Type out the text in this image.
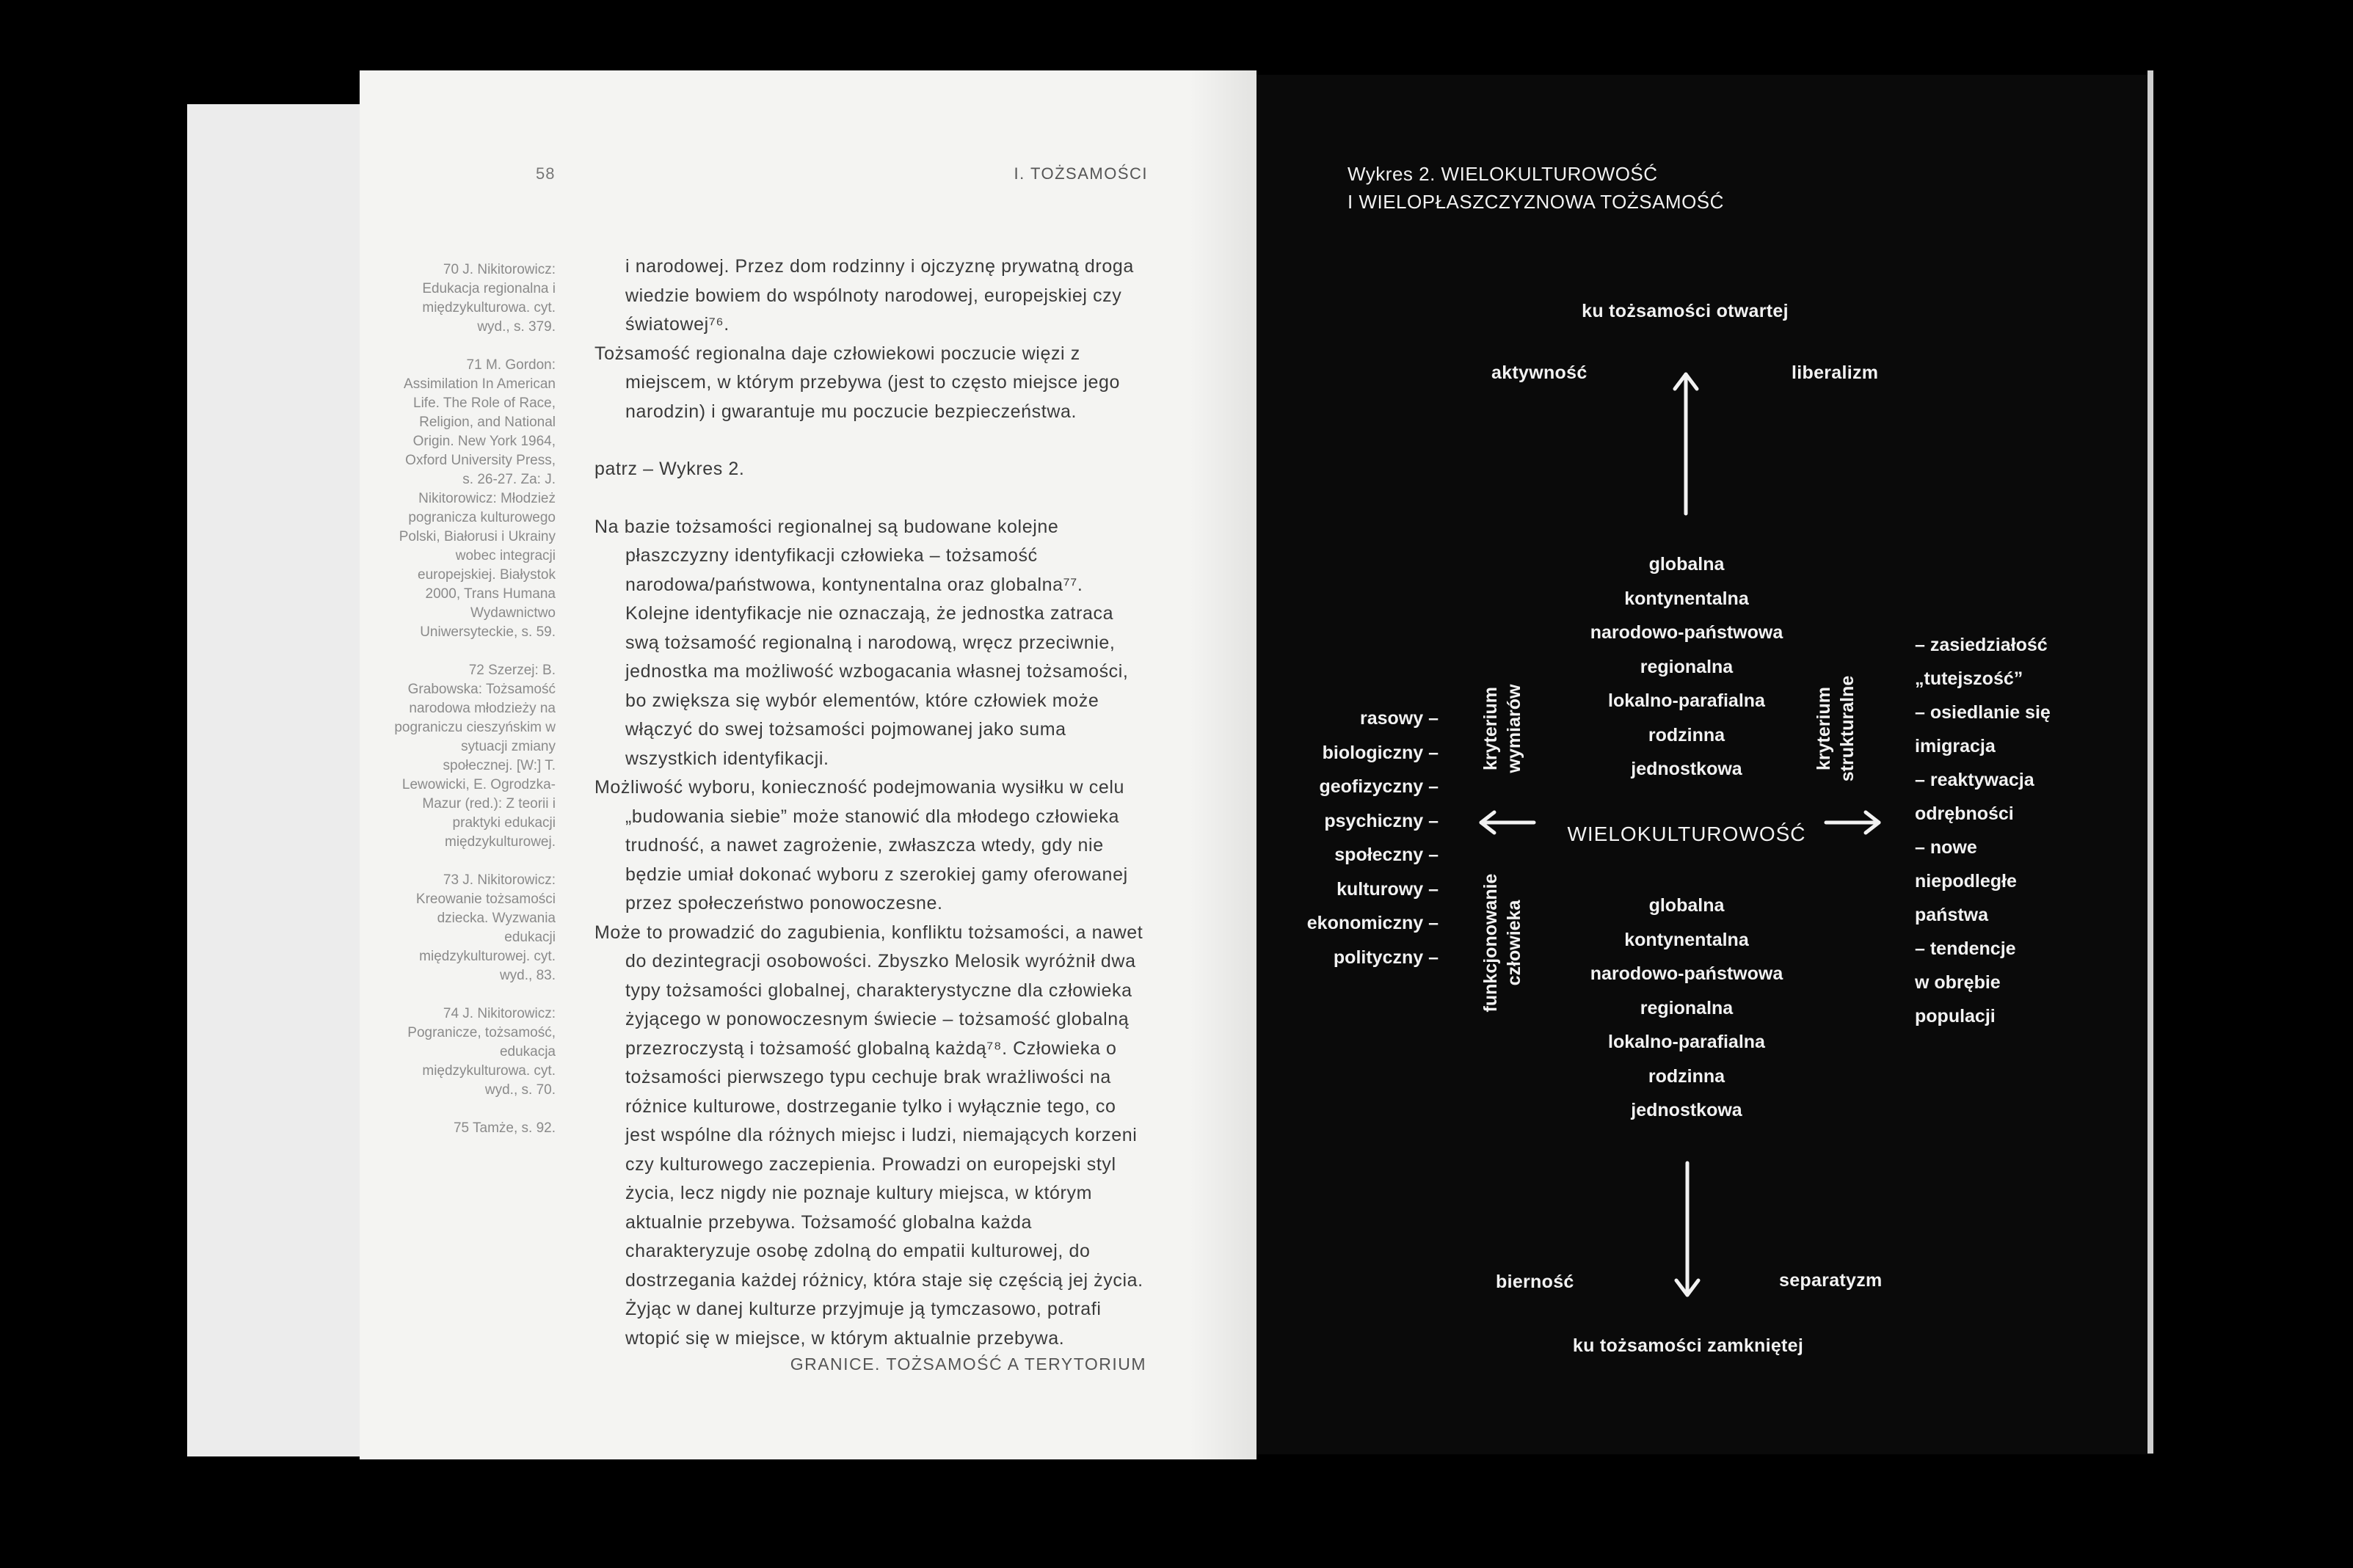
58	I. TOŻSAMOŚCI
70 J. Nikitorowicz: Edukacja regionalna i międzykulturowa. cyt. wyd., s. 379.
71 M. Gordon: Assimilation In American Life. The Role of Race, Religion, and National Origin. New York 1964, Oxford University Press, s. 26-27. Za: J. Nikitorowicz: Młodzież pogranicza kulturowego Polski, Białorusi i Ukrainy wobec integracji europejskiej. Białystok 2000, Trans Humana Wydawnictwo Uniwersyteckie, s. 59.
72 Szerzej: B. Grabowska: Tożsamość narodowa młodzieży na pograniczu cieszyńskim w sytuacji zmiany społecznej. [W:] T. Lewowicki, E. Ogrodzka-Mazur (red.): Z teorii i praktyki edukacji międzykulturowej.
73 J. Nikitorowicz: Kreowanie tożsamości dziecka. Wyzwania edukacji międzykulturowej. cyt. wyd., 83.
74 J. Nikitorowicz: Pogranicze, tożsamość, edukacja międzykulturowa. cyt. wyd., s. 70.
75 Tamże, s. 92.

i narodowej. Przez dom rodzinny i ojczyznę prywatną droga wiedzie bowiem do wspólnoty narodowej, europejskiej czy światowej⁷⁶.

Tożsamość regionalna daje człowiekowi poczucie więzi z miejscem, w którym przebywa (jest to często miejsce jego narodzin) i gwarantuje mu poczucie bezpieczeństwa.

patrz – Wykres 2.

Na bazie tożsamości regionalnej są budowane kolejne płaszczyzny identyfikacji człowieka – tożsamość narodowa/państwowa, kontynentalna oraz globalna⁷⁷. Kolejne identyfikacje nie oznaczają, że jednostka zatraca swą tożsamość regionalną i narodową, wręcz przeciwnie, jednostka ma możliwość wzbogacania własnej tożsamości, bo zwiększa się wybór elementów, które człowiek może włączyć do swej tożsamości pojmowanej jako suma wszystkich identyfikacji.

Możliwość wyboru, konieczność podejmowania wysiłku w celu „budowania siebie” może stanowić dla młodego człowieka trudność, a nawet zagrożenie, zwłaszcza wtedy, gdy nie będzie umiał dokonać wyboru z szerokiej gamy oferowanej przez społeczeństwo ponowoczesne.

Może to prowadzić do zagubienia, konfliktu tożsamości, a nawet do dezintegracji osobowości. Zbyszko Melosik wyróżnił dwa typy tożsamości globalnej, charakterystyczne dla człowieka żyjącego w ponowoczesnym świecie – tożsamość globalną przezroczystą i tożsamość globalną każdą⁷⁸. Człowieka o tożsamości pierwszego typu cechuje brak wrażliwości na różnice kulturowe, dostrzeganie tylko i wyłącznie tego, co jest wspólne dla różnych miejsc i ludzi, niemających korzeni czy kulturowego zaczepienia. Prowadzi on europejski styl życia, lecz nigdy nie poznaje kultury miejsca, w którym aktualnie przebywa. Tożsamość globalna każda charakteryzuje osobę zdolną do empatii kulturowej, do dostrzegania każdej różnicy, która staje się częścią jej życia. Żyjąc w danej kulturze przyjmuje ją tymczasowo, potrafi wtopić się w miejsce, w którym aktualnie przebywa.

GRANICE. TOŻSAMOŚĆ A TERYTORIUM
Wykres 2. WIELOKULTUROWOŚĆ
I WIELOPŁASZCZYZNOWA TOŻSAMOŚĆ
ku tożsamości otwartej
aktywność	liberalizm
globalna
kontynentalna
narodowo-państwowa
regionalna
lokalno-parafialna
rodzinna
jednostkowa
WIELOKULTUROWOŚĆ
globalna
kontynentalna
narodowo-państwowa
regionalna
lokalno-parafialna
rodzinna
jednostkowa
rasowy –
biologiczny –
geofizyczny –
psychiczny –
społeczny –
kulturowy –
ekonomiczny –
polityczny –
– zasiedziałość
„tutejszość”
– osiedlanie się
imigracja
– reaktywacja
odrębności
– nowe
niepodległe
państwa
– tendencje
w obrębie
populacji
kryterium wymiarów
funkcjonowanie człowieka
kryterium strukturalne
bierność	separatyzm
ku tożsamości zamkniętej
